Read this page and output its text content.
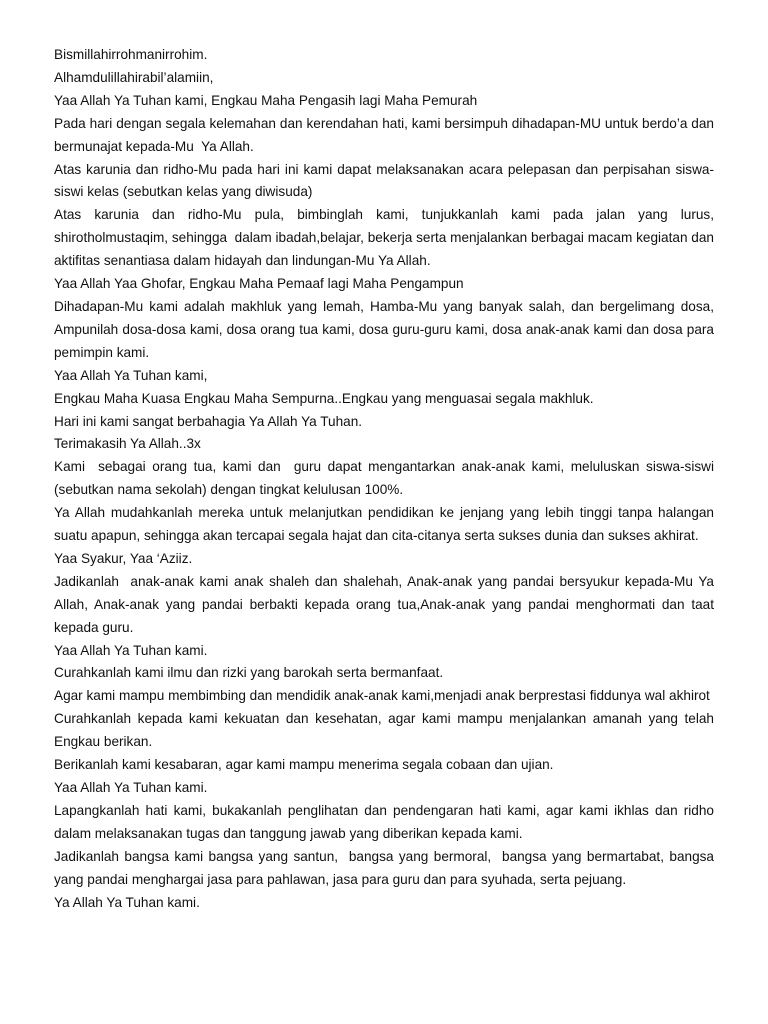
Bismillahirrohmanirrohim.

Alhamdulillahirabil’alamiin,

Yaa Allah Ya Tuhan kami, Engkau Maha Pengasih lagi Maha Pemurah

Pada hari dengan segala kelemahan dan kerendahan hati, kami bersimpuh dihadapan-MU untuk berdo’a dan bermunajat kepada-Mu  Ya Allah.

Atas karunia dan ridho-Mu pada hari ini kami dapat melaksanakan acara pelepasan dan perpisahan siswa-siswi kelas (sebutkan kelas yang diwisuda)

Atas karunia dan ridho-Mu pula, bimbinglah kami, tunjukkanlah kami pada jalan yang lurus, shirotholmustaqim, sehingga  dalam ibadah,belajar, bekerja serta menjalankan berbagai macam kegiatan dan aktifitas senantiasa dalam hidayah dan lindungan-Mu Ya Allah.

Yaa Allah Yaa Ghofar, Engkau Maha Pemaaf lagi Maha Pengampun

Dihadapan-Mu kami adalah makhluk yang lemah, Hamba-Mu yang banyak salah, dan bergelimang dosa, Ampunilah dosa-dosa kami, dosa orang tua kami, dosa guru-guru kami, dosa anak-anak kami dan dosa para pemimpin kami.

Yaa Allah Ya Tuhan kami,

Engkau Maha Kuasa Engkau Maha Sempurna..Engkau yang menguasai segala makhluk.

Hari ini kami sangat berbahagia Ya Allah Ya Tuhan.

Terimakasih Ya Allah..3x

Kami  sebagai orang tua, kami dan  guru dapat mengantarkan anak-anak kami, meluluskan siswa-siswi (sebutkan nama sekolah) dengan tingkat kelulusan 100%.

Ya Allah mudahkanlah mereka untuk melanjutkan pendidikan ke jenjang yang lebih tinggi tanpa halangan suatu apapun, sehingga akan tercapai segala hajat dan cita-citanya serta sukses dunia dan sukses akhirat.

Yaa Syakur, Yaa ‘Aziiz.

Jadikanlah  anak-anak kami anak shaleh dan shalehah, Anak-anak yang pandai bersyukur kepada-Mu Ya Allah, Anak-anak yang pandai berbakti kepada orang tua,Anak-anak yang pandai menghormati dan taat kepada guru.

Yaa Allah Ya Tuhan kami.

Curahkanlah kami ilmu dan rizki yang barokah serta bermanfaat.

Agar kami mampu membimbing dan mendidik anak-anak kami,menjadi anak berprestasi fiddunya wal akhirot

Curahkanlah kepada kami kekuatan dan kesehatan, agar kami mampu menjalankan amanah yang telah Engkau berikan.

Berikanlah kami kesabaran, agar kami mampu menerima segala cobaan dan ujian.

Yaa Allah Ya Tuhan kami.

Lapangkanlah hati kami, bukakanlah penglihatan dan pendengaran hati kami, agar kami ikhlas dan ridho dalam melaksanakan tugas dan tanggung jawab yang diberikan kepada kami.

Jadikanlah bangsa kami bangsa yang santun,  bangsa yang bermoral,  bangsa yang bermartabat, bangsa yang pandai menghargai jasa para pahlawan, jasa para guru dan para syuhada, serta pejuang.

Ya Allah Ya Tuhan kami.
